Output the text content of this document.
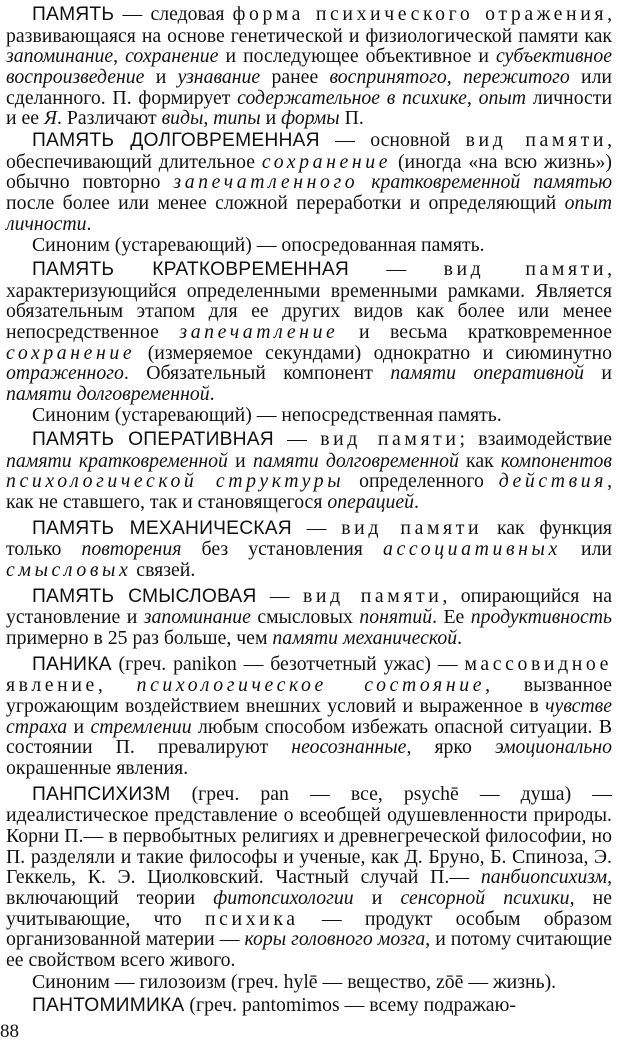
ПАМЯТЬ — следовая форма психического отражения, развивающаяся на основе генетической и физиологической памяти как запоминание, сохранение и последующее объективное и субъективное воспроизведение и узнавание ранее воспринятого, пережитого или сделанного. П. формирует содержательное в психике, опыт личности и ее Я. Различают виды, типы и формы П.

ПАМЯТЬ ДОЛГОВРЕМЕННАЯ — основной вид памяти, обеспечивающий длительное сохранение (иногда «на всю жизнь») обычно повторно запечатленного кратковременной памятью после более или менее сложной переработки и определяющий опыт личности.

Синоним (устаревающий) — опосредованная память.

ПАМЯТЬ КРАТКОВРЕМЕННАЯ — вид памяти, характеризующийся определенными временными рамками. Является обязательным этапом для ее других видов как более или менее непосредственное запечатление и весьма кратковременное сохранение (измеряемое секундами) однократно и сиюминутно отраженного. Обязательный компонент памяти оперативной и памяти долговременной.

Синоним (устаревающий) — непосредственная память.

ПАМЯТЬ ОПЕРАТИВНАЯ — вид памяти; взаимодействие памяти кратковременной и памяти долговременной как компонентов психологической структуры определенного действия, как не ставшего, так и становящегося операцией.

ПАМЯТЬ МЕХАНИЧЕСКАЯ — вид памяти как функция только повторения без установления ассоциативных или смысловых связей.

ПАМЯТЬ СМЫСЛОВАЯ — вид памяти, опирающийся на установление и запоминание смысловых понятий. Ее продуктивность примерно в 25 раз больше, чем памяти механической.

ПАНИКА (греч. panikon — безотчетный ужас) — массовидное явление, психологическое состояние, вызванное угрожающим воздействием внешних условий и выраженное в чувстве страха и стремлении любым способом избежать опасной ситуации. В состоянии П. превалируют неосознанные, ярко эмоционально окрашенные явления.

ПАНПСИХИЗМ (греч. pan — все, psychē — душа) — идеалистическое представление о всеобщей одушевленности природы. Корни П.— в первобытных религиях и древнегреческой философии, но П. разделяли и такие философы и ученые, как Д. Бруно, Б. Спиноза, Э. Геккель, К. Э. Циолковский. Частный случай П.— панбиопсихизм, включающий теории фитопсихологии и сенсорной психики, не учитывающие, что психика — продукт особым образом организованной материи — коры головного мозга, и потому считающие ее свойством всего живого.

Синоним — гилозоизм (греч. hylē — вещество, zōē — жизнь).

ПАНТОМИМИКА (греч. pantomimos — всему подражаю-

88
